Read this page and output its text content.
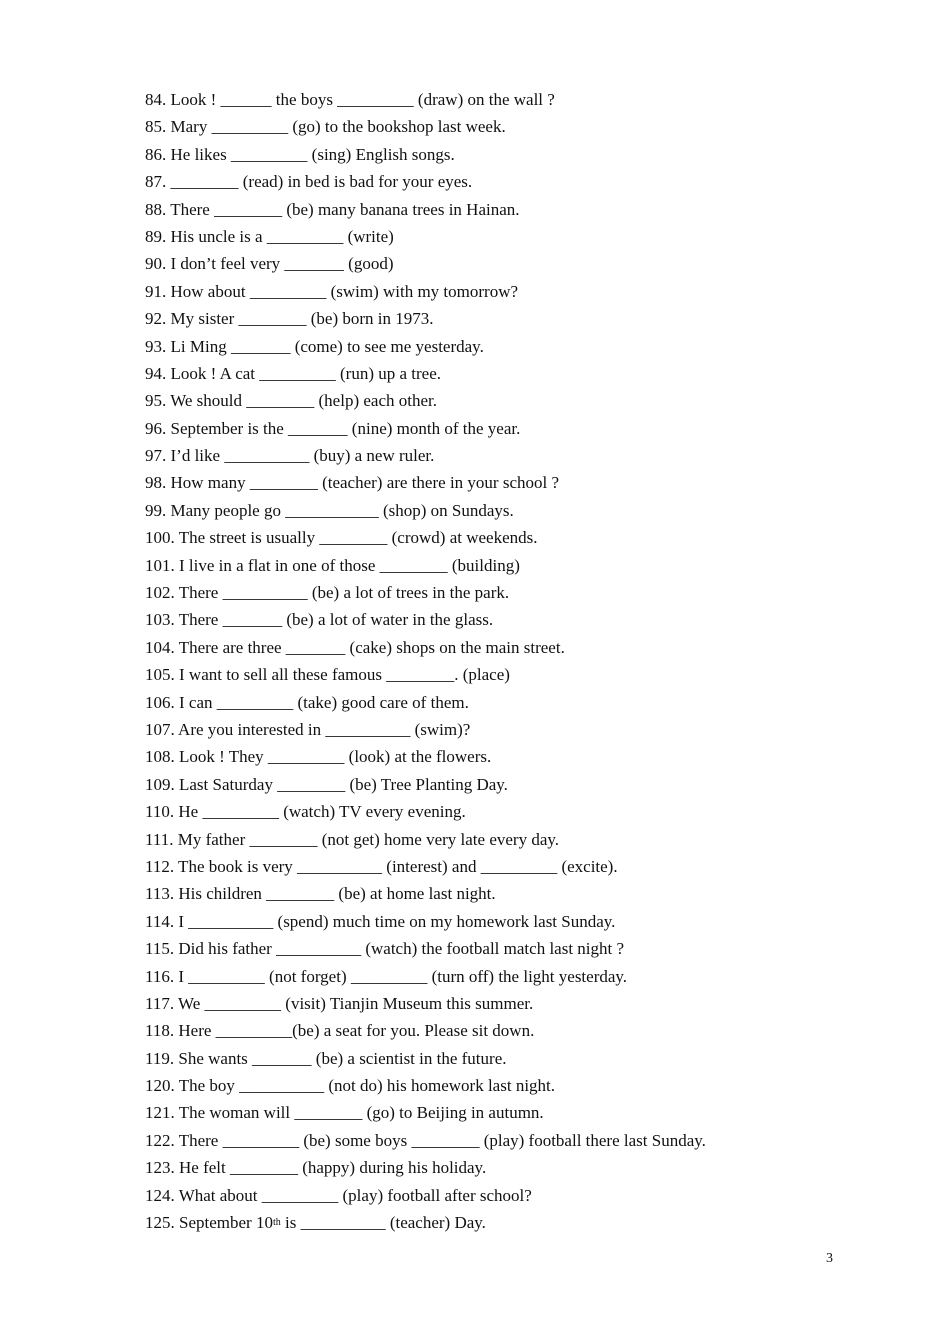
84. Look ! ______ the boys _________ (draw) on the wall ?
85. Mary _________ (go) to the bookshop last week.
86. He likes _________ (sing) English songs.
87. ________ (read) in bed is bad for your eyes.
88. There ________ (be) many banana trees in Hainan.
89. His uncle is a _________ (write)
90. I don’t feel very _______ (good)
91. How about _________ (swim) with my tomorrow?
92. My sister ________ (be) born in 1973.
93. Li Ming _______ (come) to see me yesterday.
94. Look ! A cat _________ (run) up a tree.
95. We should ________ (help) each other.
96. September is the _______ (nine) month of the year.
97. I’d like __________ (buy) a new ruler.
98. How many ________ (teacher) are there in your school ?
99. Many people go ___________ (shop) on Sundays.
100. The street is usually ________ (crowd) at weekends.
101. I live in a flat in one of those ________ (building)
102. There __________ (be) a lot of trees in the park.
103. There _______ (be) a lot of water in the glass.
104. There are three _______ (cake) shops on the main street.
105. I want to sell all these famous ________. (place)
106. I can _________ (take) good care of them.
107. Are you interested in __________ (swim)?
108. Look ! They _________ (look) at the flowers.
109. Last Saturday ________ (be) Tree Planting Day.
110. He _________ (watch) TV every evening.
111. My father ________ (not get) home very late every day.
112. The book is very __________ (interest) and _________ (excite).
113. His children ________ (be) at home last night.
114. I __________ (spend) much time on my homework last Sunday.
115. Did his father __________ (watch) the football match last night ?
116. I _________ (not forget) _________ (turn off) the light yesterday.
117. We _________ (visit) Tianjin Museum this summer.
118. Here _________(be) a seat for you. Please sit down.
119. She wants _______ (be) a scientist in the future.
120. The boy __________ (not do) his homework last night.
121. The woman will ________ (go) to Beijing in autumn.
122. There _________ (be) some boys ________ (play) football there last Sunday.
123. He felt ________ (happy) during his holiday.
124. What about _________ (play) football after school?
125. September 10th is __________ (teacher) Day.
3
